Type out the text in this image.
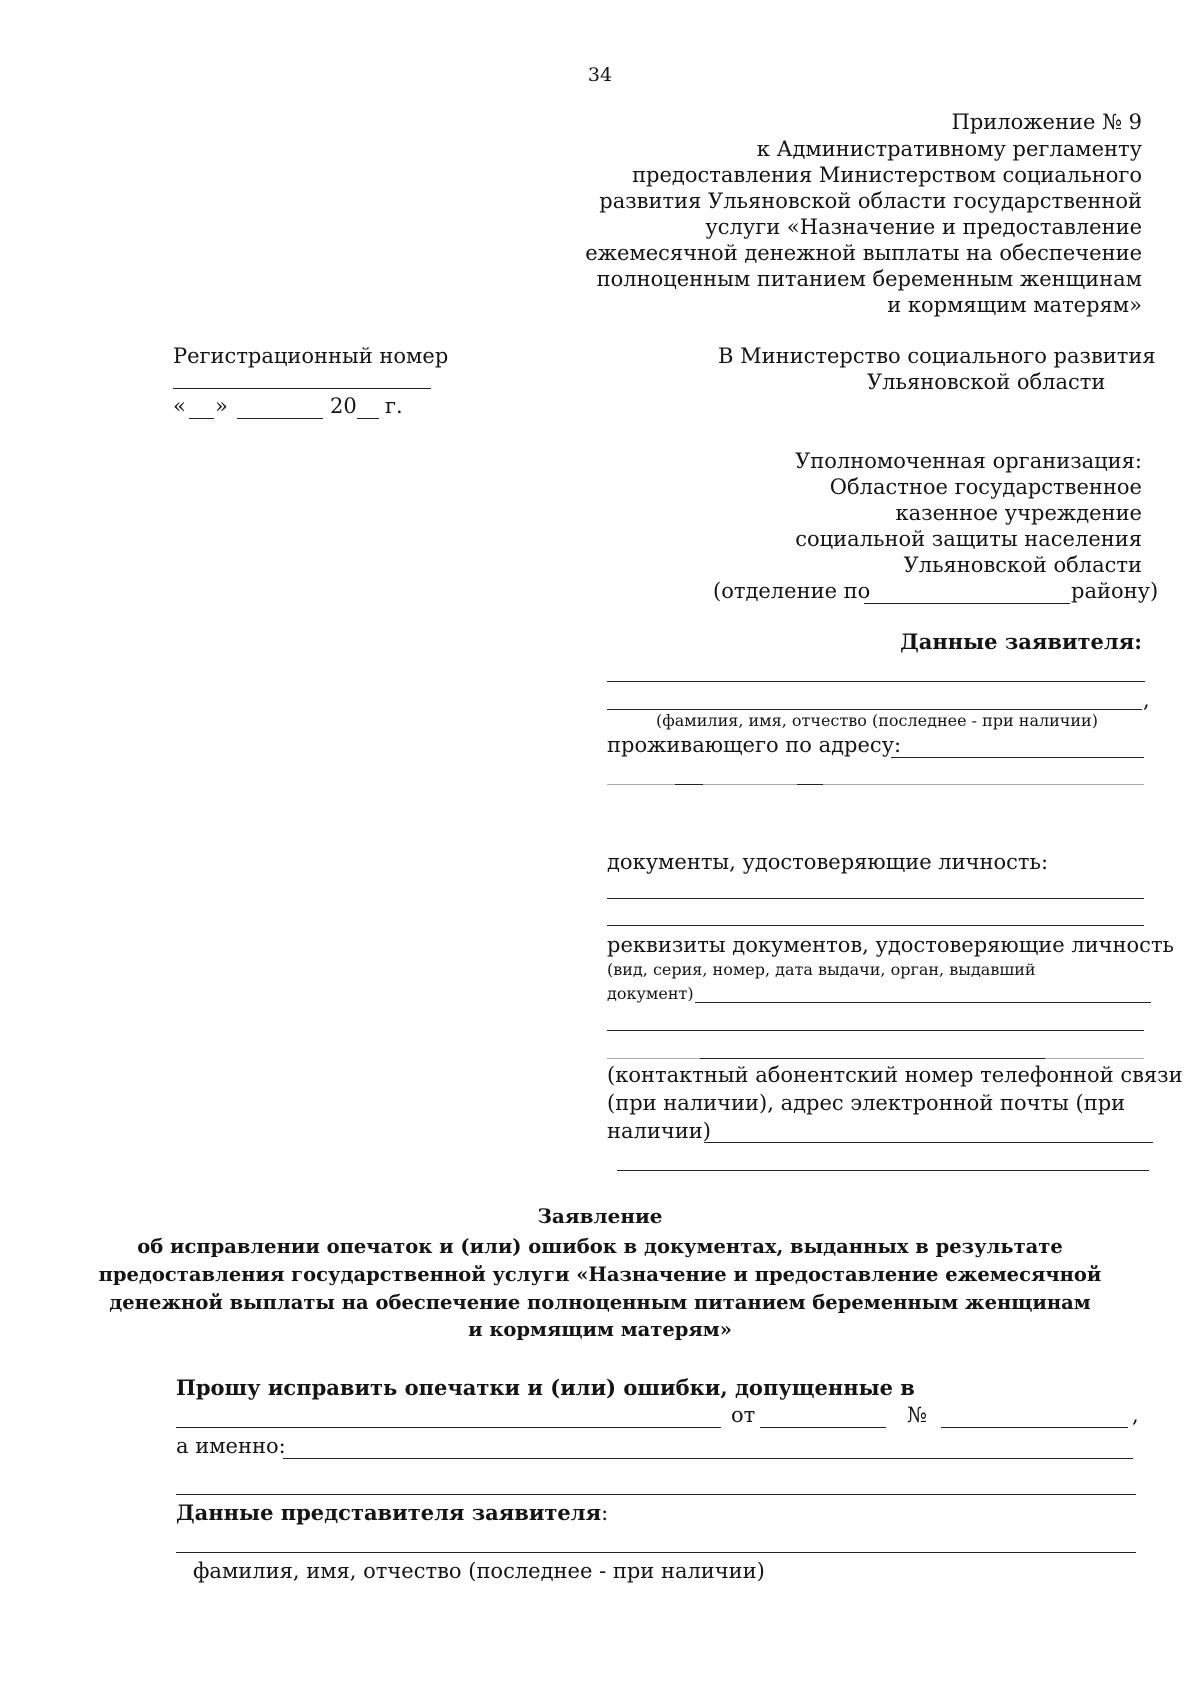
34
Приложение № 9
к Административному регламенту
предоставления Министерством социального
развития Ульяновской области государственной
услуги «Назначение и предоставление
ежемесячной денежной выплаты на обеспечение
полноценным питанием беременным женщинам
и кормящим матерям»
Регистрационный номер
« »	20 г.
В Министерство социального развития
Ульяновской области
Уполномоченная организация:
Областное государственное
казенное учреждение
социальной защиты населения
Ульяновской области
(отделение по	району)
Данные заявителя:
,
(фамилия, имя, отчество (последнее - при наличии)
проживающего по адресу:
документы, удостоверяющие личность:
реквизиты документов, удостоверяющие личность
(вид, серия, номер, дата выдачи, орган, выдавший
документ)
(контактный абонентский номер телефонной связи
(при наличии), адрес электронной почты (при
наличии)
Заявление
об исправлении опечаток и (или) ошибок в документах, выданных в результате
предоставления государственной услуги «Назначение и предоставление ежемесячной
денежной выплаты на обеспечение полноценным питанием беременным женщинам
и кормящим матерям»
Прошу исправить опечатки и (или) ошибки, допущенные в
от	№	,
а именно:
Данные представителя заявителя:
фамилия, имя, отчество (последнее - при наличии)
